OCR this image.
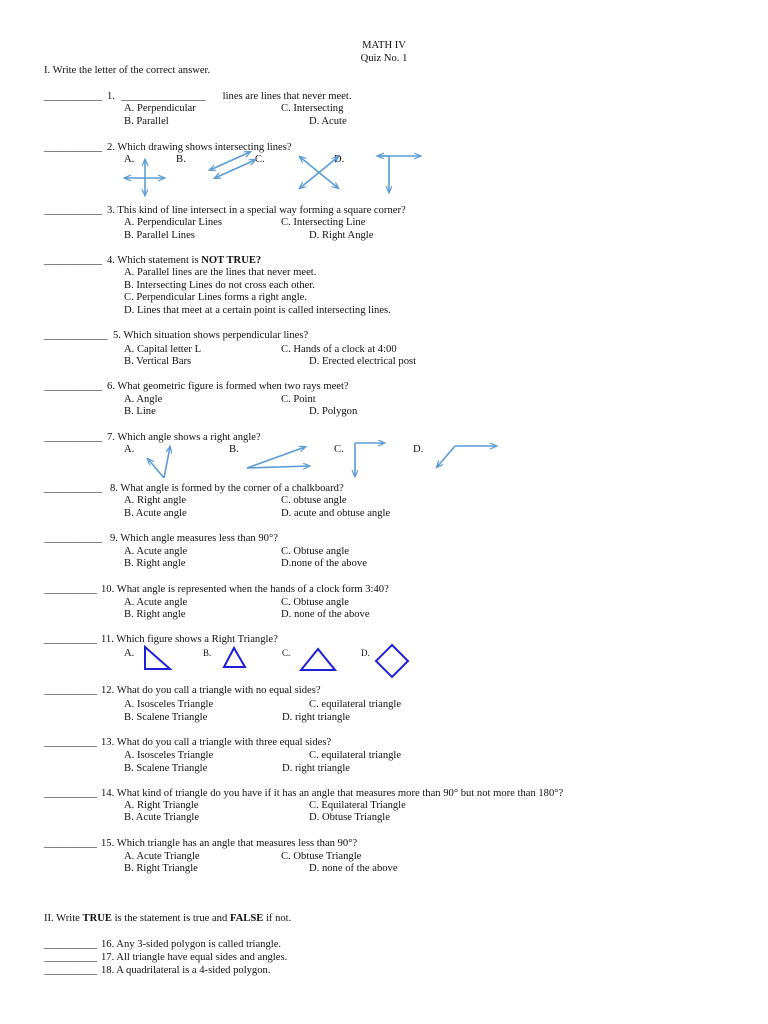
MATH IV
Quiz No. 1
I. Write the letter of the correct answer.
___________ 1. ________________ lines are lines that never meet.
A. Perpendicular
B. Parallel
C. Intersecting
D. Acute
___________ 2. Which drawing shows intersecting lines?
A.	B.	C.	D.
___________ 3. This kind of line intersect in a special way forming a square corner?
A. Perpendicular Lines
B. Parallel Lines
C. Intersecting Line
D. Right Angle
___________ 4. Which statement is NOT TRUE?
A. Parallel lines are the lines that never meet.
B. Intersecting Lines do not cross each other.
C. Perpendicular Lines forms a right angle.
D. Lines that meet at a certain point is called intersecting lines.
____________ 5. Which situation shows perpendicular lines?
A. Capital letter L
B. Vertical Bars
C. Hands of a clock at 4:00
D. Erected electrical post
___________ 6. What geometric figure is formed when two rays meet?
A. Angle
B. Line
C. Point
D. Polygon
___________ 7. Which angle shows a right angle?
A.	B.	C.	D.
___________ 8. What angle is formed by the corner of a chalkboard?
A. Right angle
B. Acute angle
C. obtuse angle
D. acute and obtuse angle
___________ 9. Which angle measures less than 90°?
A. Acute angle
B. Right angle
C. Obtuse angle
D.none of the above
__________ 10. What angle is represented when the hands of a clock form 3:40?
A. Acute angle
B. Right angle
C. Obtuse angle
D. none of the above
__________ 11. Which figure shows a Right Triangle?
A.	B.	C.	D.
__________ 12. What do you call a triangle with no equal sides?
A. Isosceles Triangle
B. Scalene Triangle
C. equilateral triangle
D. right triangle
__________ 13. What do you call a triangle with three equal sides?
A. Isosceles Triangle
B. Scalene Triangle
C. equilateral triangle
D. right triangle
__________ 14. What kind of triangle do you have if it has an angle that measures more than 90° but not more than 180°?
A. Right Triangle
B. Acute Triangle
C. Equilateral Triangle
D. Obtuse Triangle
__________ 15. Which triangle has an angle that measures less than 90°?
A. Acute Triangle
B. Right Triangle
C. Obtuse Triangle
D. none of the above
II. Write TRUE is the statement is true and FALSE if not.
__________ 16. Any 3-sided polygon is called triangle.
__________ 17. All triangle have equal sides and angles.
__________ 18. A quadrilateral is a 4-sided polygon.
